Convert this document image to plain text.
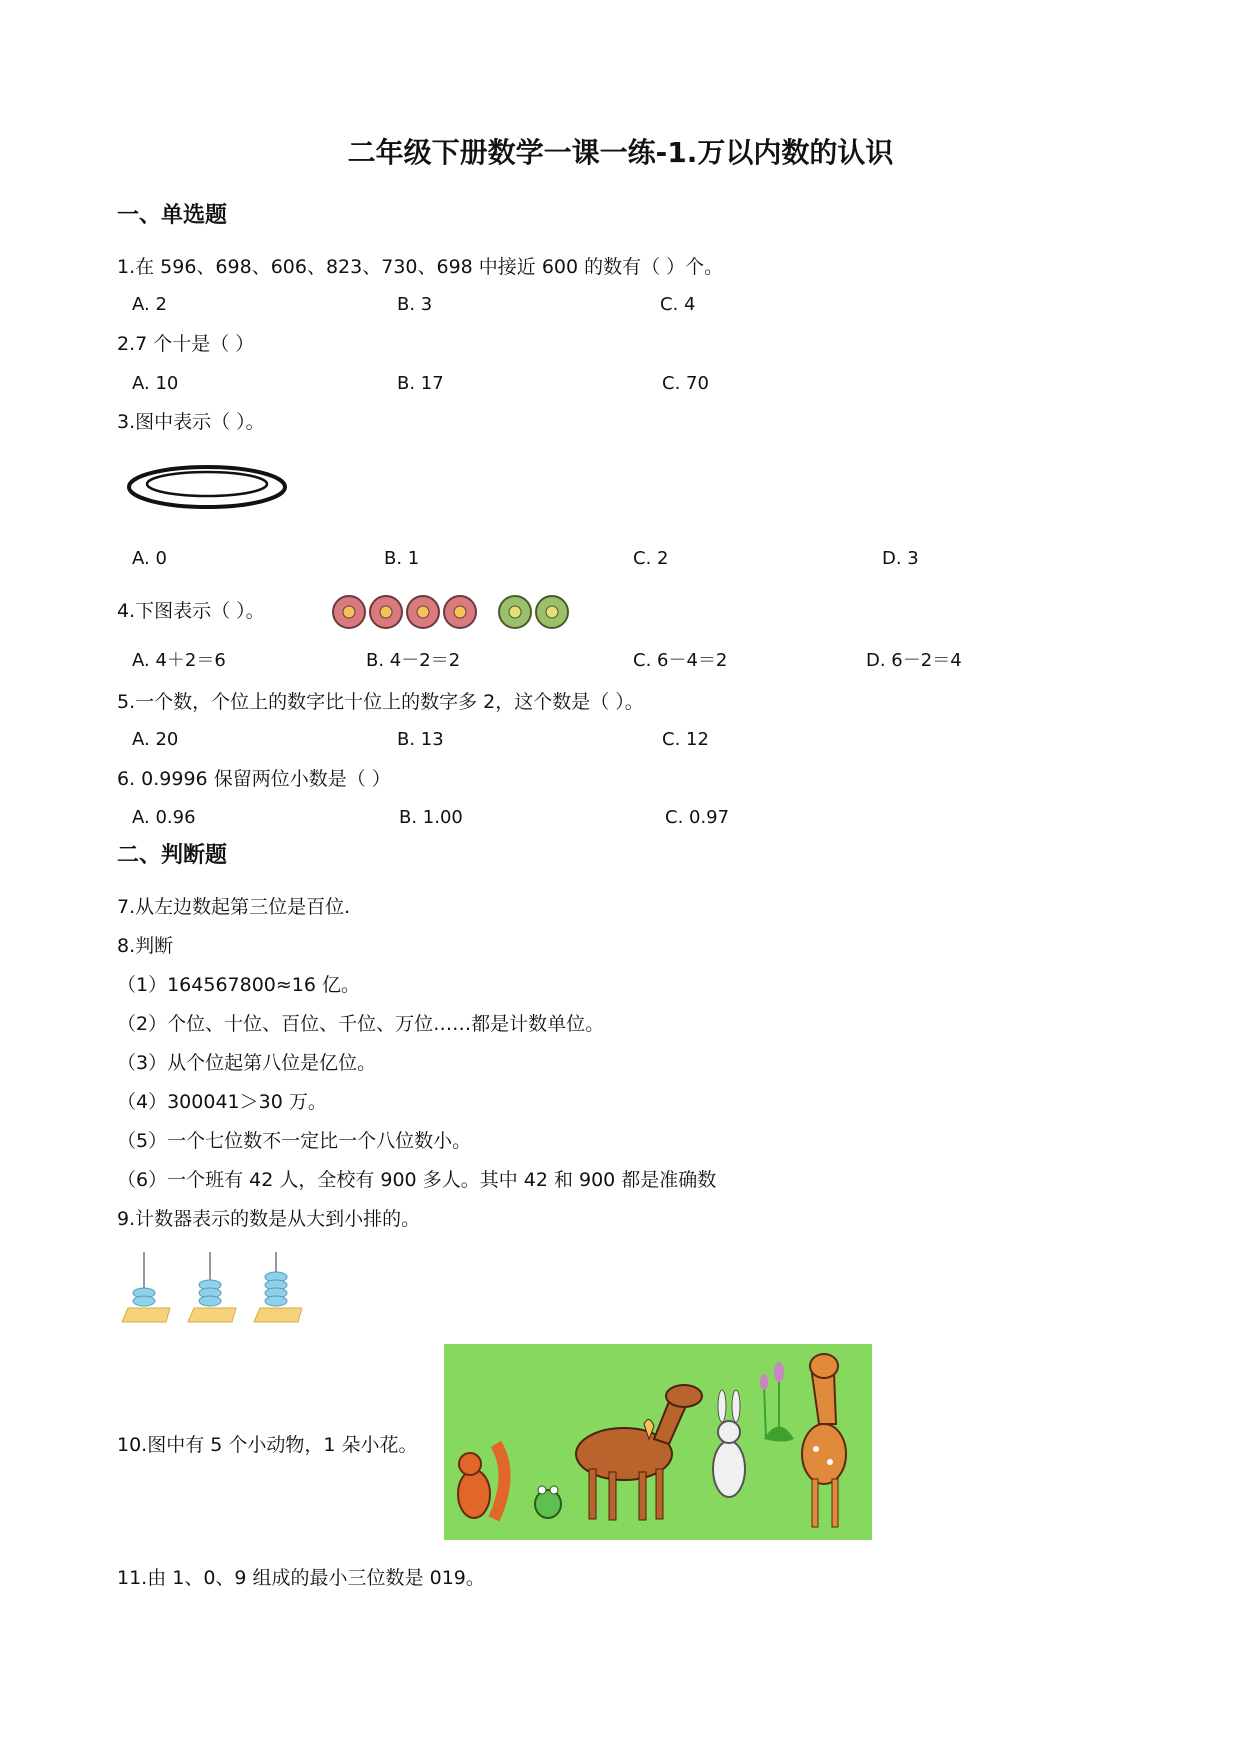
二年级下册数学一课一练-1.万以内数的认识
一、单选题
1.在 596、698、606、823、730、698 中接近 600 的数有（ ）个。
A. 2	B. 3	C. 4
2.7 个十是（ ）
A. 10	B. 17	C. 70
3.图中表示（ ）。
A. 0	B. 1	C. 2	D. 3
4.下图表示（ ）。
A. 4＋2＝6	B. 4－2＝2	C. 6－4＝2	D. 6－2＝4
5.一个数，个位上的数字比十位上的数字多 2，这个数是（ ）。
A. 20	B. 13	C. 12
6. 0.9996 保留两位小数是（ ）
A. 0.96	B. 1.00	C. 0.97
二、判断题
7.从左边数起第三位是百位.
8.判断
（1）164567800≈16 亿。
（2）个位、十位、百位、千位、万位……都是计数单位。
（3）从个位起第八位是亿位。
（4）300041＞30 万。
（5）一个七位数不一定比一个八位数小。
（6）一个班有 42 人，全校有 900 多人。其中 42 和 900 都是准确数
9.计数器表示的数是从大到小排的。
10.图中有 5 个小动物，1 朵小花。
11.由 1、0、9 组成的最小三位数是 019。
